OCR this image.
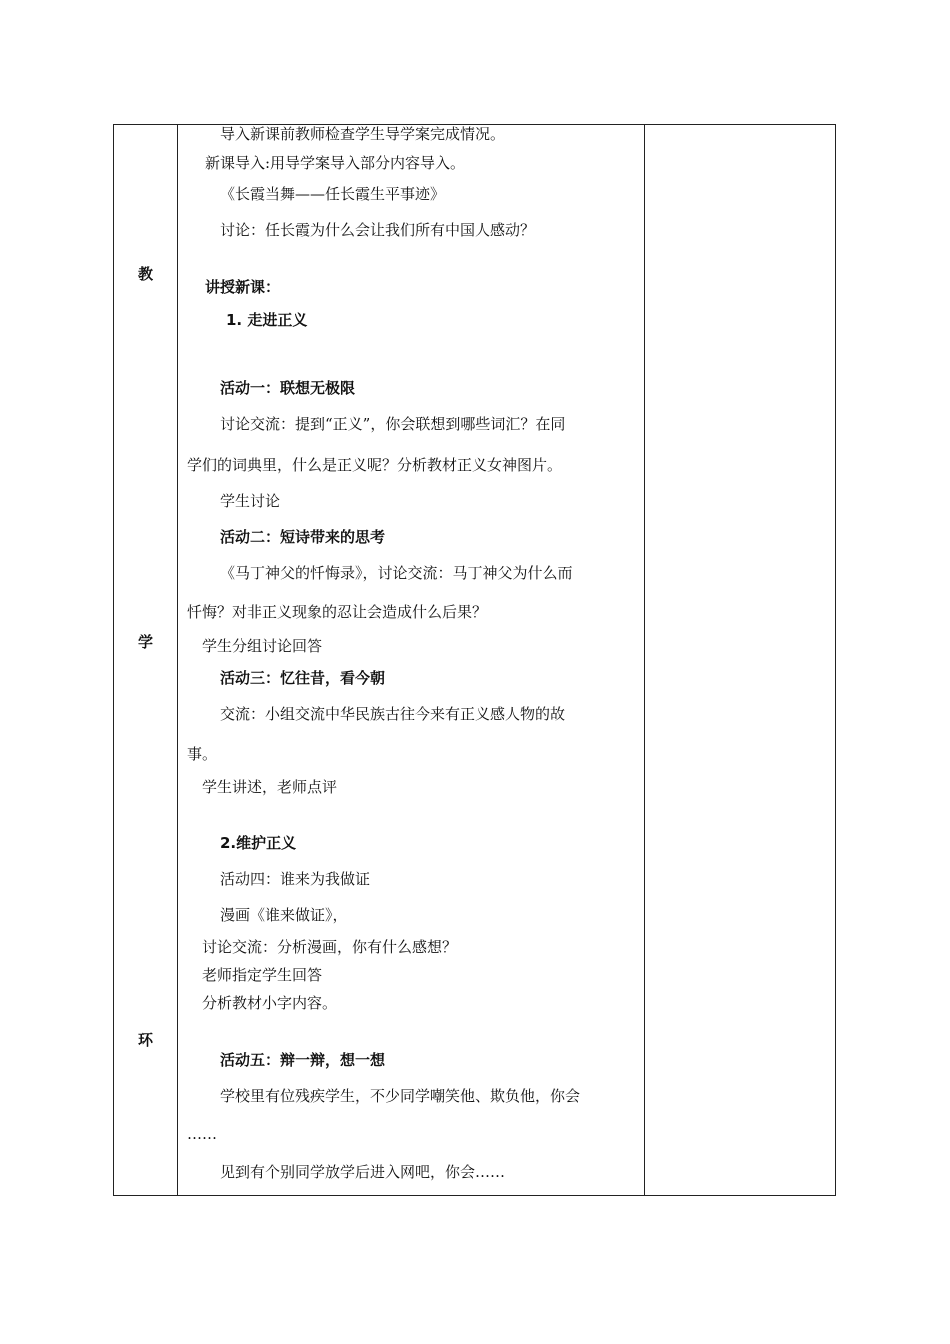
教
学
环
导入新课前教师检查学生导学案完成情况。
新课导入:用导学案导入部分内容导入。
《长霞当舞——任长霞生平事迹》
讨论：任长霞为什么会让我们所有中国人感动？
讲授新课：
1. 走进正义
活动一：联想无极限
讨论交流：提到“正义”，你会联想到哪些词汇？在同
学们的词典里，什么是正义呢？分析教材正义女神图片。
学生讨论
活动二：短诗带来的思考
《马丁神父的忏悔录》，讨论交流：马丁神父为什么而
忏悔？对非正义现象的忍让会造成什么后果？
学生分组讨论回答
活动三：忆往昔，看今朝
交流：小组交流中华民族古往今来有正义感人物的故
事。
学生讲述，老师点评
2.维护正义
活动四：谁来为我做证
漫画《谁来做证》，
讨论交流：分析漫画，你有什么感想？
老师指定学生回答
分析教材小字内容。
活动五：辩一辩，想一想
学校里有位残疾学生，不少同学嘲笑他、欺负他，你会
……
见到有个别同学放学后进入网吧，你会……
